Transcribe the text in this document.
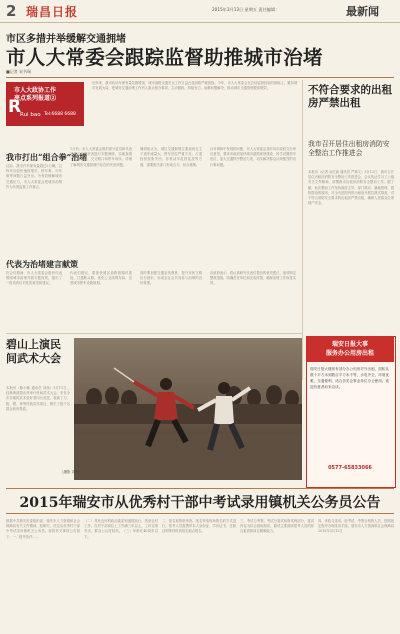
2 瑞昌日报	2015年3月13日 星期五 责任编辑：	最新闻
市区多措并举缓解交通拥堵
市人大常委会跟踪监督助推城市治堵
■记者 宋书瑞
市人大政协工作
亮点系列报道②
R
Rui bao Tel:6688 6688
近年来，我市机动车保有量急剧增加，城市道路交通安全工作日益凸显面临严峻挑战。今年，市人大常委会在总结监督经验的基础上，紧扣城市发展大局，把城市交通治堵工作列入重点督办事项，主动跟踪，持续发力，助推问题解决，推动城市交通管理提质增效。	不符合要求的出租房严禁出租
我市召开居住出租房消防安全整治工作推进会
本报讯（记者 余红丽 通讯员 严林文）3月12日，我市召开居住出租房消防安全整治工作推进会，会议传达学习了上级有关文件精神，部署我市出租房消防安全整治工作。据了解，此次整治工作坚持政府主导、部门联动、属地管理、群防群治的原则，对全市范围内的出租房开展拉网式排查，对不符合消防安全要求的出租房严禁出租，确保人民群众生命财产安全。
我市打出“组合拳”治堵
目前，我市汽车保有量超过2万辆，且每年以较快速度增长，停车难、行车难等问题日益突出。为有效缓解城市交通压力，市人大常委会把城市治堵作为年度监督工作重点。
1月份，市人大常委会组织部分委员和代表对城区交通状况进行专题调研，实地查看了主要路段、交叉路口和停车场所，详细了解城市交通管理中存在的突出问题。
调研组认为，城区交通拥堵主要表现在主干道车流量大、停车泊位严重不足、占道经营现象突出、非机动车乱停乱放等方面，需要相关部门形成合力，综合施策。
针对调研中发现的问题，市人大常委会及时向市政府交办审议意见，要求市政府加快城市道路规划建设，科学设置停车泊位，加大交通秩序整治力度，切实解决群众反映强烈的出行难问题。
代表为治堵建言献策
在会议期间，市人大常委会组织代表围绕城市治堵开展专题视察，提出了一批具有针对性的意见和建议。
代表们建议，要加快城区道路微循环建设，打通断头路，优化公交线网布局，完善城市停车设施规划。
同时要加强交通宣传教育，提升市民文明出行意识，形成全社会共同参与治堵的良好氛围。
市政府表示，将认真研究代表们提出的意见建议，逐项制定整改措施，明确责任单位和完成时限，确保治堵工作取得实效。
碧山上演民间武术大会
本报讯（陈小雅 通讯员 刘伟）3月11日，桂林街道碧山村举行民间武术大会。来自全市各地的武术爱好者同台竞技，表演了刀、枪、棍、拳等传统武术项目，吸引了数千名群众前来观看。
（摄影 刘伟）
瑞安日报大事
服务办公用房出租
瑞安日报大楼现有部分办公用房对外出租，面积从数十平方米到数百平方米不等，水电齐全，环境优雅，交通便利，适合各类企事业单位办公使用。欢迎有意者前来洽谈。
0577-65833066
2015年瑞安市从优秀村干部中考试录用镇机关公务员公告
根据中共瑞安市委组织部、瑞安市人力资源和社会保障局有关文件精神，经研究，决定从优秀村干部中考试录用镇机关公务员。现将有关事项公告如下：一、报考条件……
（二）具有良好的政治素质和道德品行，热爱农村工作，在村干部岗位上工作满三年以上，工作实绩突出，群众公认度较高。（三）年龄在40周岁以下。
二、报名和资格审查。报名采取现场报名的方式进行，报考人员需携带本人身份证、学历证书、任职证明等材料到指定地点报名。
三、考试与考察。考试分笔试和面试两部分，笔试内容为综合基础知识，面试主要测试报考人员的综合素质和岗位履职能力。
四、体检与录用。经考试、考察合格的人员，按照规定程序办理录用手续。瑞安市人力资源和社会保障局2015年3月12日
